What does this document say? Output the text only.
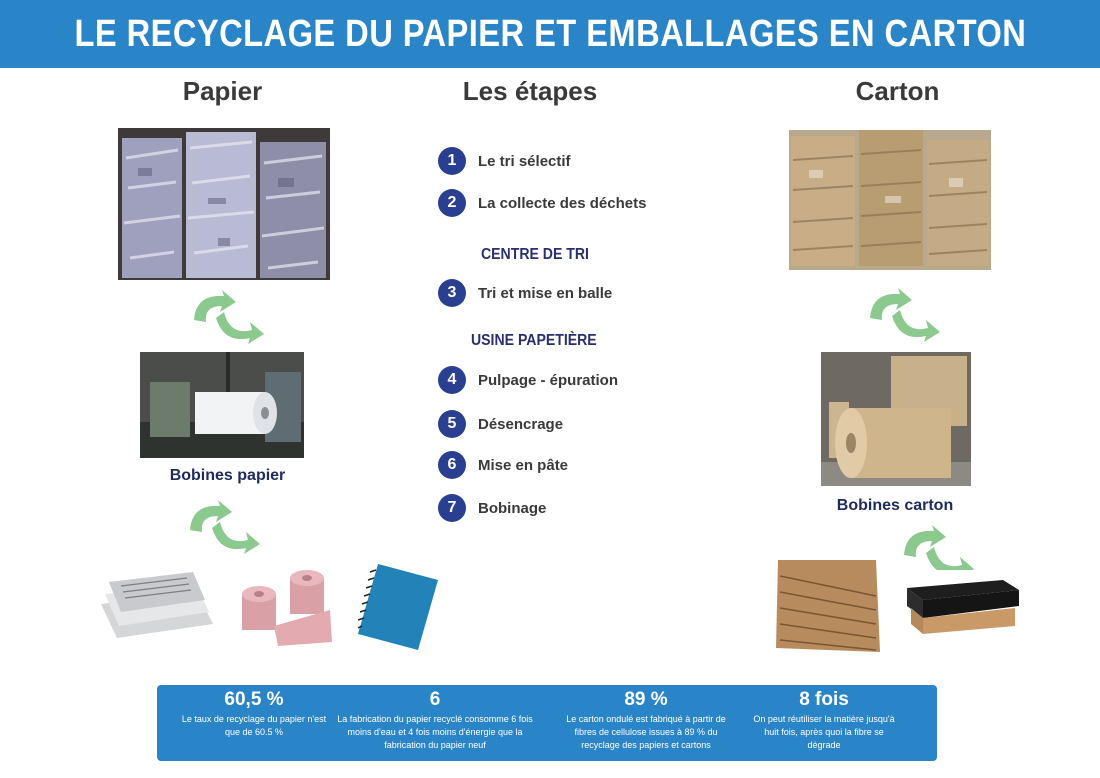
LE RECYCLAGE DU PAPIER ET EMBALLAGES EN CARTON
Papier	Les étapes	Carton
Bobines papier
1	Le tri sélectif
2	La collecte des déchets
CENTRE DE TRI
3	Tri et mise en balle
USINE PAPETIÈRE
4	Pulpage - épuration
5	Désencrage
6	Mise en pâte
7	Bobinage	Bobines carton
60,5 %
Le taux de recyclage du papier n'est que de 60.5 %
6
La fabrication du papier recyclé consomme 6 fois moins d'eau et 4 fois moins d'énergie que la fabrication du papier neuf
89 %
Le carton ondulé est fabriqué à partir de fibres de cellulose issues à 89 % du recyclage des papiers et cartons
8 fois
On peut réutiliser la matière jusqu'à huit fois, après quoi la fibre se dégrade
